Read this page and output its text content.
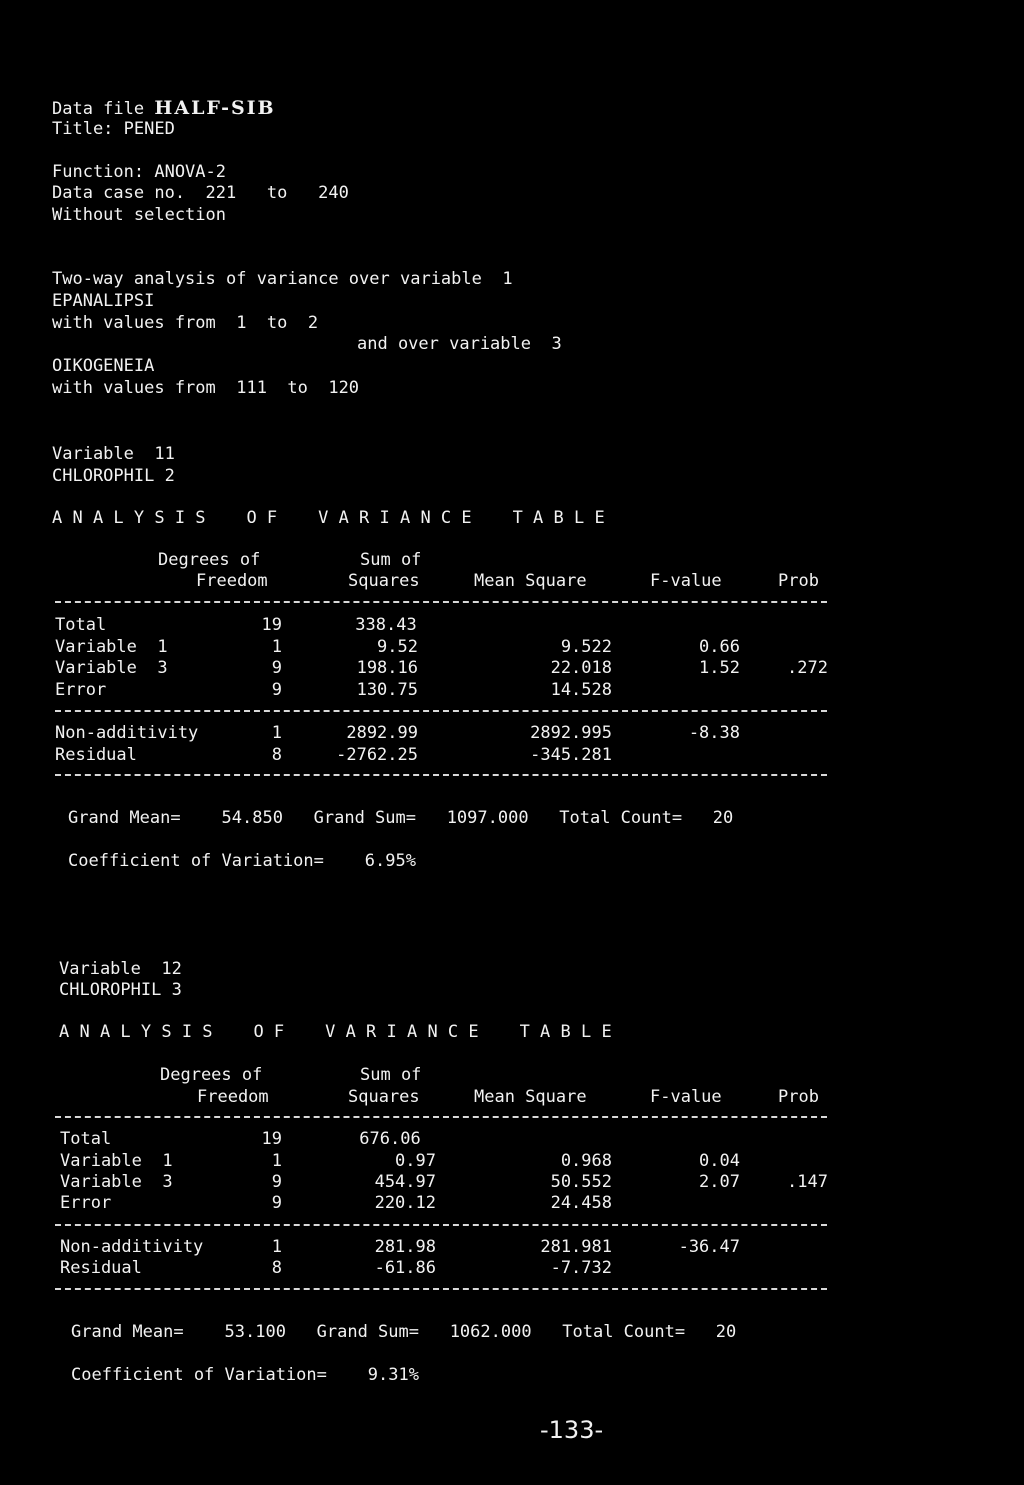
Data file HALF-SIB
Title: PENED
Function: ANOVA-2
Data case no.  221   to   240
Without selection
Two-way analysis of variance over variable  1
EPANALIPSI
with values from  1  to  2
and over variable  3
OIKOGENEIA
with values from  111  to  120
Variable  11
CHLOROPHIL 2
A N A L Y S I S    O F    V A R I A N C E    T A B L E
Degrees of
Freedom
Sum of
Squares	Mean Square	F-value	Prob
Total	19	338.43
Variable  1	1	9.52	9.522	0.66
Variable  3	9	198.16	22.018	1.52	.272
Error	9	130.75	14.528
Non-additivity	1	2892.99	2892.995	-8.38
Residual	8	-2762.25	-345.281
Grand Mean=    54.850   Grand Sum=   1097.000   Total Count=   20
Coefficient of Variation=    6.95%
Variable  12
CHLOROPHIL 3
A N A L Y S I S    O F    V A R I A N C E    T A B L E
Degrees of
Freedom
Sum of
Squares	Mean Square	F-value	Prob
Total	19	676.06
Variable  1	1	0.97	0.968	0.04
Variable  3	9	454.97	50.552	2.07	.147
Error	9	220.12	24.458
Non-additivity	1	281.98	281.981	-36.47
Residual	8	-61.86	-7.732
Grand Mean=    53.100   Grand Sum=   1062.000   Total Count=   20
Coefficient of Variation=    9.31%
-133-
